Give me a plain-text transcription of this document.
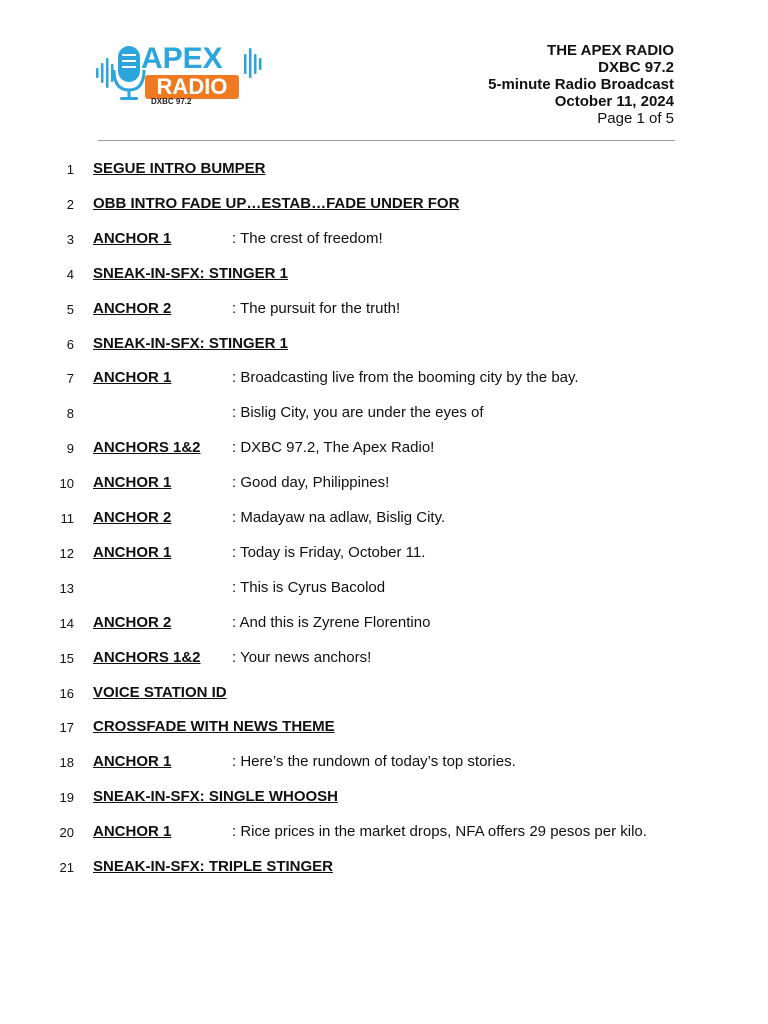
APEX
RADIO
DXBC 97.2
THE APEX RADIO
DXBC 97.2
5-minute Radio Broadcast
October 11, 2024
Page 1 of 5
1 SEGUE INTRO BUMPER
2 OBB INTRO FADE UP…ESTAB…FADE UNDER FOR
3 ANCHOR 1	: The crest of freedom!
4 SNEAK-IN-SFX: STINGER 1
5 ANCHOR 2	: The pursuit for the truth!
6 SNEAK-IN-SFX: STINGER 1
7 ANCHOR 1	: Broadcasting live from the booming city by the bay.
8	: Bislig City, you are under the eyes of
9 ANCHORS 1&2 : DXBC 97.2, The Apex Radio!
10 ANCHOR 1	: Good day, Philippines!
11 ANCHOR 2	: Madayaw na adlaw, Bislig City.
12 ANCHOR 1	: Today is Friday, October 11.
13	: This is Cyrus Bacolod
14 ANCHOR 2	: And this is Zyrene Florentino
15 ANCHORS 1&2 : Your news anchors!
16 VOICE STATION ID
17 CROSSFADE WITH NEWS THEME
18 ANCHOR 1	: Here’s the rundown of today’s top stories.
19 SNEAK-IN-SFX: SINGLE WHOOSH
20 ANCHOR 1	: Rice prices in the market drops, NFA offers 29 pesos per kilo.
21 SNEAK-IN-SFX: TRIPLE STINGER
